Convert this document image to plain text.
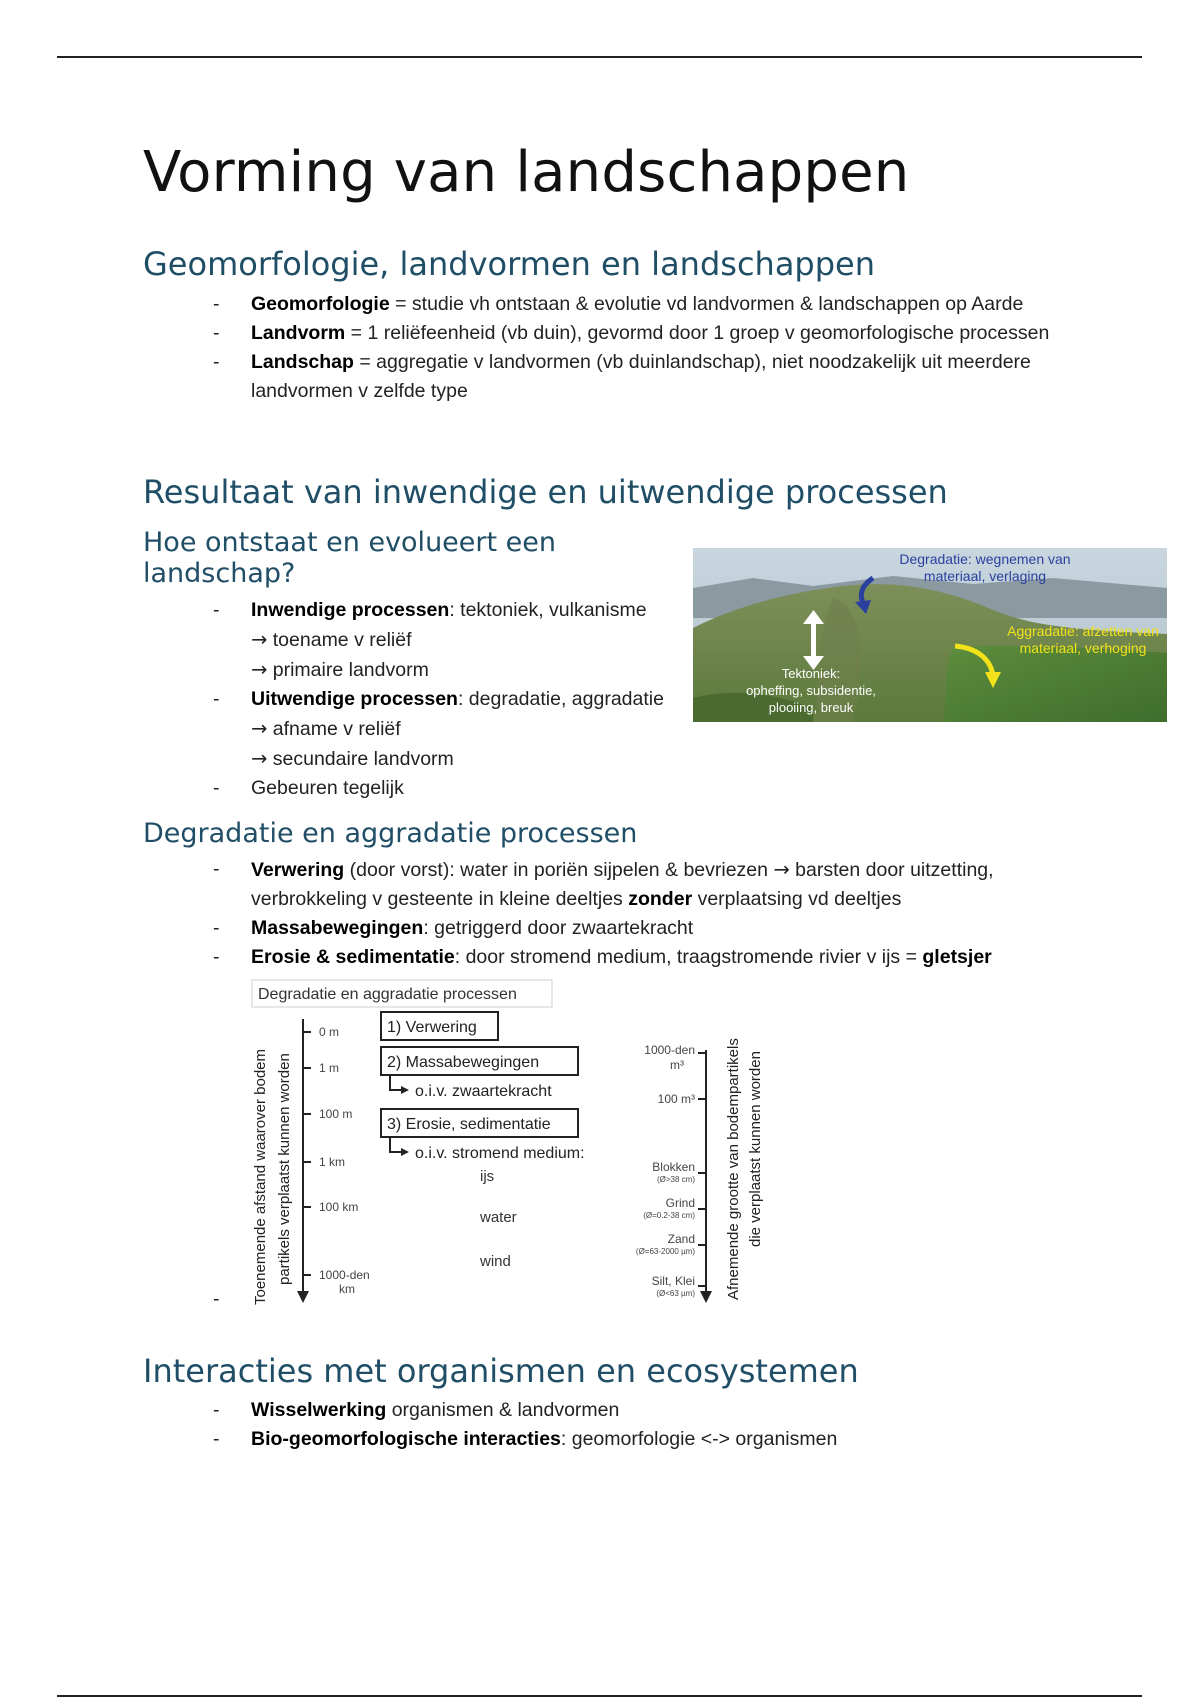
Vorming van landschappen
Geomorfologie, landvormen en landschappen
- Geomorfologie = studie vh ontstaan & evolutie vd landvormen & landschappen op Aarde
- Landvorm = 1 reliëfeenheid (vb duin), gevormd door 1 groep v geomorfologische processen
- Landschap = aggregatie v landvormen (vb duinlandschap), niet noodzakelijk uit meerdere landvormen v zelfde type
Resultaat van inwendige en uitwendige processen
Hoe ontstaat en evolueert een landschap?
- Inwendige processen: tektoniek, vulkanisme
→ toename v reliëf
→ primaire landvorm
- Uitwendige processen: degradatie, aggradatie
→ afname v reliëf
→ secundaire landvorm
- Gebeuren tegelijk
Degradatie: wegnemen van
materiaal, verlaging
Aggradatie: afzetten van
materiaal, verhoging
Tektoniek:
opheffing, subsidentie,
plooiing, breuk
Degradatie en aggradatie processen
- Verwering (door vorst): water in poriën sijpelen & bevriezen → barsten door uitzetting, verbrokkeling v gesteente in kleine deeltjes zonder verplaatsing vd deeltjes
- Massabewegingen: getriggerd door zwaartekracht
- Erosie & sedimentatie: door stromend medium, traagstromende rivier v ijs = gletsjer
-
Degradatie en aggradatie processen
Toenemende afstand waarover bodem partikels verplaatst kunnen worden
0 m
1 m
100 m
1 km
100 km
1000-den
km
1) Verwering
2) Massabewegingen
o.i.v. zwaartekracht
3) Erosie, sedimentatie
o.i.v. stromend medium:
ijs
water
wind
1000-den
m³
100 m³
Blokken
(Ø>38 cm)
Grind
(Ø=0.2-38 cm)
Zand
(Ø=63-2000 µm)
Silt, Klei
(Ø<63 µm) Afnemende grootte van bodempartikels die verplaatst kunnen worden
Interacties met organismen en ecosystemen
- Wisselwerking organismen & landvormen
- Bio-geomorfologische interacties: geomorfologie <-> organismen
